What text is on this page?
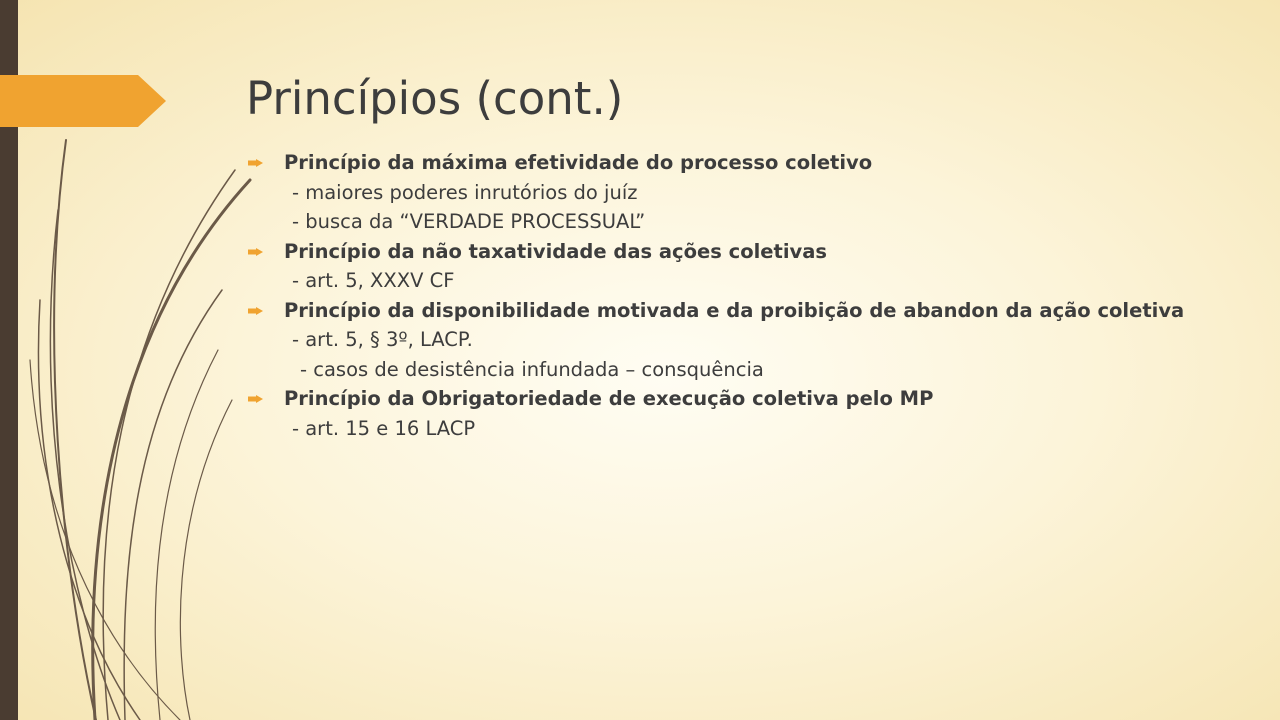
Princípios (cont.)
Princípio da máxima efetividade do processo coletivo
- maiores poderes inrutórios do juíz
- busca da “VERDADE PROCESSUAL”
Princípio da não taxatividade das ações coletivas
- art. 5, XXXV CF
Princípio da disponibilidade motivada e da proibição de abandon da ação coletiva
- art. 5, § 3º, LACP.
- casos de desistência infundada – consquência
Princípio da Obrigatoriedade de execução coletiva pelo MP
- art. 15 e 16 LACP
